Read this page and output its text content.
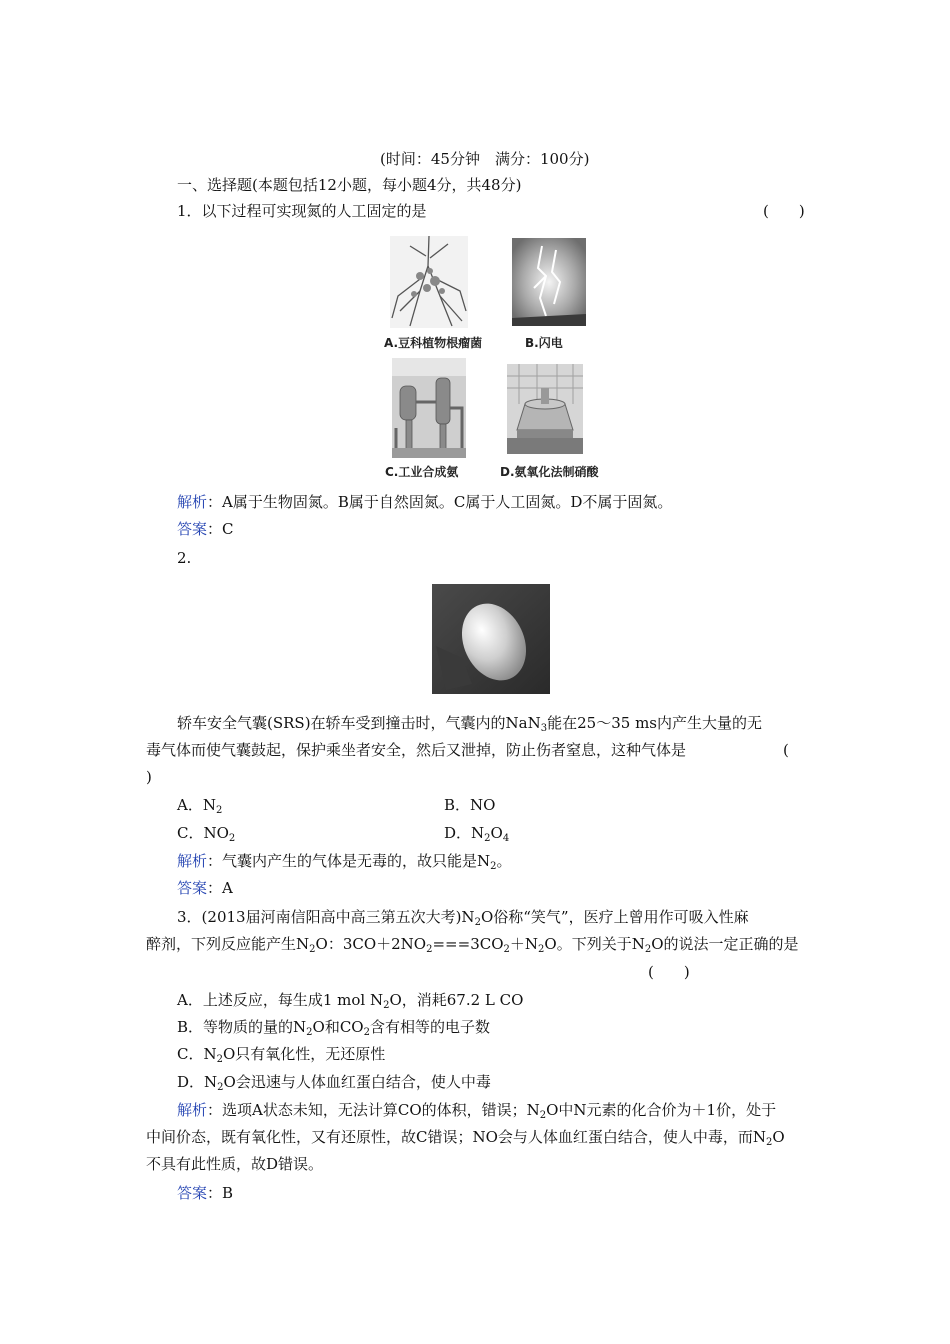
(时间：45分钟　满分：100分)
一、选择题(本题包括12小题，每小题4分，共48分)
1．以下过程可实现氮的人工固定的是	(　　)
A.豆科植物根瘤菌	B.闪电
C.工业合成氨	D.氨氧化法制硝酸
解析：A属于生物固氮。B属于自然固氮。C属于人工固氮。D不属于固氮。
答案：C
2.
轿车安全气囊(SRS)在轿车受到撞击时，气囊内的NaN$_3$能在25～35 ms内产生大量的无
毒气体而使气囊鼓起，保护乘坐者安全，然后又泄掉，防止伤者窒息，这种气体是	(
)
A．$N_2$	B．NO
C．$NO_2$	D．$N_2O_4$
解析：气囊内产生的气体是无毒的，故只能是$N_2$。
答案：A
3．(2013届河南信阳高中高三第五次大考)$N_2O$俗称“笑气”，医疗上曾用作可吸入性麻
醉剂，下列反应能产生$N_2O$：$3CO+2NO_2===3CO_2+N_2O$。下列关于$N_2O$的说法一定正确的是
(　　)
A．上述反应，每生成1 mol $N_2O$，消耗67.2 L CO
B．等物质的量的$N_2O$和$CO_2$含有相等的电子数
C．$N_2O$只有氧化性，无还原性
D．$N_2O$会迅速与人体血红蛋白结合，使人中毒
解析：选项A状态未知，无法计算CO的体积，错误；$N_2O$中N元素的化合价为＋1价，处于
中间价态，既有氧化性，又有还原性，故C错误；NO会与人体血红蛋白结合，使人中毒，而$N_2O$
不具有此性质，故D错误。
答案：B
